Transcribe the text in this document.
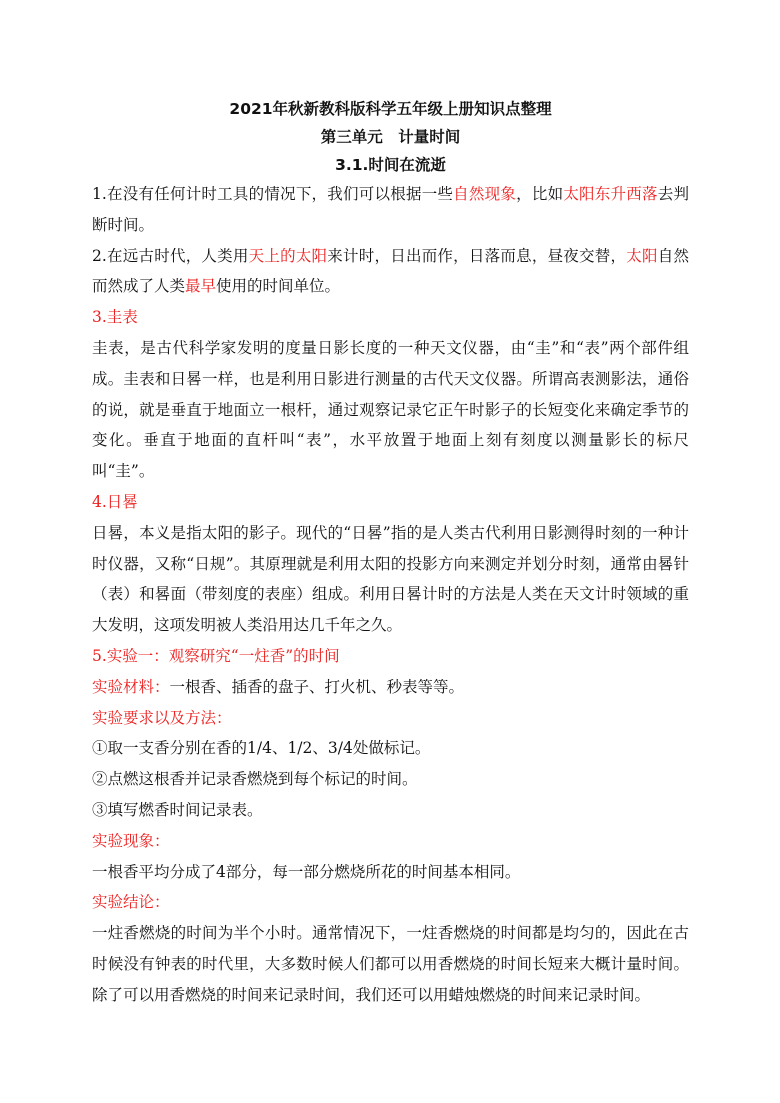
2021年秋新教科版科学五年级上册知识点整理
第三单元　计量时间
3.1.时间在流逝

1.在没有任何计时工具的情况下，我们可以根据一些自然现象，比如太阳东升西落去判断时间。

2.在远古时代，人类用天上的太阳来计时，日出而作，日落而息，昼夜交替，太阳自然而然成了人类最早使用的时间单位。

3.圭表

圭表，是古代科学家发明的度量日影长度的一种天文仪器，由“圭”和“表”两个部件组成。圭表和日晷一样，也是利用日影进行测量的古代天文仪器。所谓高表测影法，通俗的说，就是垂直于地面立一根杆，通过观察记录它正午时影子的长短变化来确定季节的变化。垂直于地面的直杆叫“表”，水平放置于地面上刻有刻度以测量影长的标尺叫“圭”。

4.日晷

日晷，本义是指太阳的影子。现代的“日晷”指的是人类古代利用日影测得时刻的一种计时仪器，又称“日规”。其原理就是利用太阳的投影方向来测定并划分时刻，通常由晷针（表）和晷面（带刻度的表座）组成。利用日晷计时的方法是人类在天文计时领域的重大发明，这项发明被人类沿用达几千年之久。

5.实验一：观察研究“一炷香”的时间

实验材料：一根香、插香的盘子、打火机、秒表等等。

实验要求以及方法：

①取一支香分别在香的1/4、1/2、3/4处做标记。

②点燃这根香并记录香燃烧到每个标记的时间。

③填写燃香时间记录表。

实验现象：

一根香平均分成了4部分，每一部分燃烧所花的时间基本相同。

实验结论：

一炷香燃烧的时间为半个小时。通常情况下，一炷香燃烧的时间都是均匀的，因此在古时候没有钟表的时代里，大多数时候人们都可以用香燃烧的时间长短来大概计量时间。除了可以用香燃烧的时间来记录时间，我们还可以用蜡烛燃烧的时间来记录时间。
